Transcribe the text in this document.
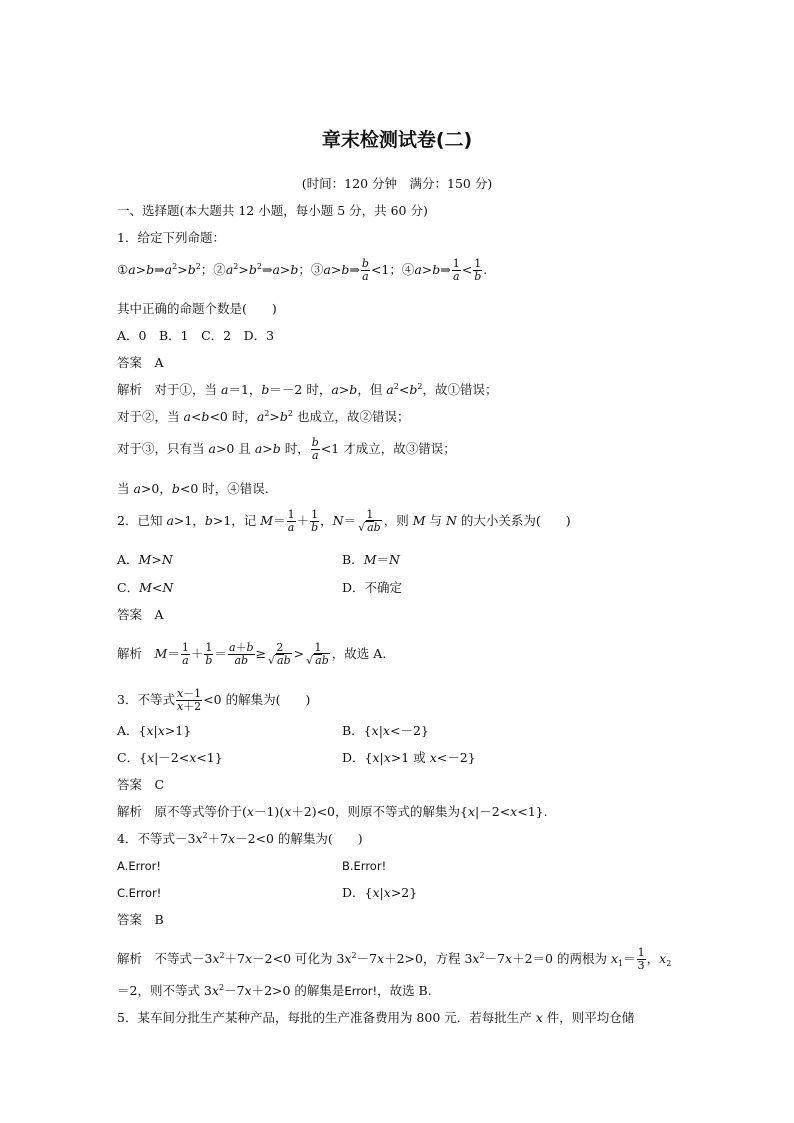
章末检测试卷(二)
(时间：120 分钟　满分：150 分)
一、选择题(本大题共 12 小题，每小题 5 分，共 60 分)
1．给定下列命题：
$①a>b\Rightarrow a^2>b^2$；$②a^2>b^2\Rightarrow a>b$；③a>b⇒ $\frac{b}{a} <1$；④a>b⇒ $\frac{1}{a} < \frac{1}{b}$ .
其中正确的命题个数是(　　)
A．0　B．1　C．2　D．3
答案　 A
解析　对于①，当 a＝1，b＝－2 时，a>b，但 $a^2<b^2$，故①错误；
对于②，当 a<b<0 时，$a^2>b^2$ 也成立，故②错误；
对于③，只有当 a>0 且 a>b 时， $\frac{b}{a} <1$ 才成立，故③错误；
当 a>0，b<0 时，④错误.
2．已知 a>1，b>1，记 $M= \frac{1}{a} + \frac{1}{b}$ ，N＝ 1
√ ab ，则 M 与 N 的大小关系为(　　)
A．M>N	B．M＝N
C．M<N	D．不确定
答案　 A
解析　 $M= \frac{1}{a} + \frac{1}{b} = \frac{a+b}{ab} \ge 2$
√ ab > 1
√ ab ，故选 A.
3．不等式 $\frac{x-1}{x+2} <0$ 的解集为(　　)
A．{x|x>1}	B．{x|x<－2}
C．{x|－2<x<1}	D．{x|x>1 或 x<－2}
答案　 C
解析　原不等式等价于(x－1)(x＋2)<0，则原不等式的解集为{x|－2<x<1}.
4．不等式$-3x^2+7x-2<0$ 的解集为(　　)
A.Error!	B.Error!
C.Error!	D．{x|x>2}
答案　 B
解析　不等式$-3x^2+7x-2<0$ 可化为 $3x^2-7x+2>0$，方程 $3x^2-7x+2=0$ 的两根为 $x_1= \frac{1}{3}$ ，$x_2$
＝2，则不等式 $3x^2-7x+2>0$ 的解集是Error!，故选 B.
5．某车间分批生产某种产品，每批的生产准备费用为 800 元．若每批生产 x 件，则平均仓储
